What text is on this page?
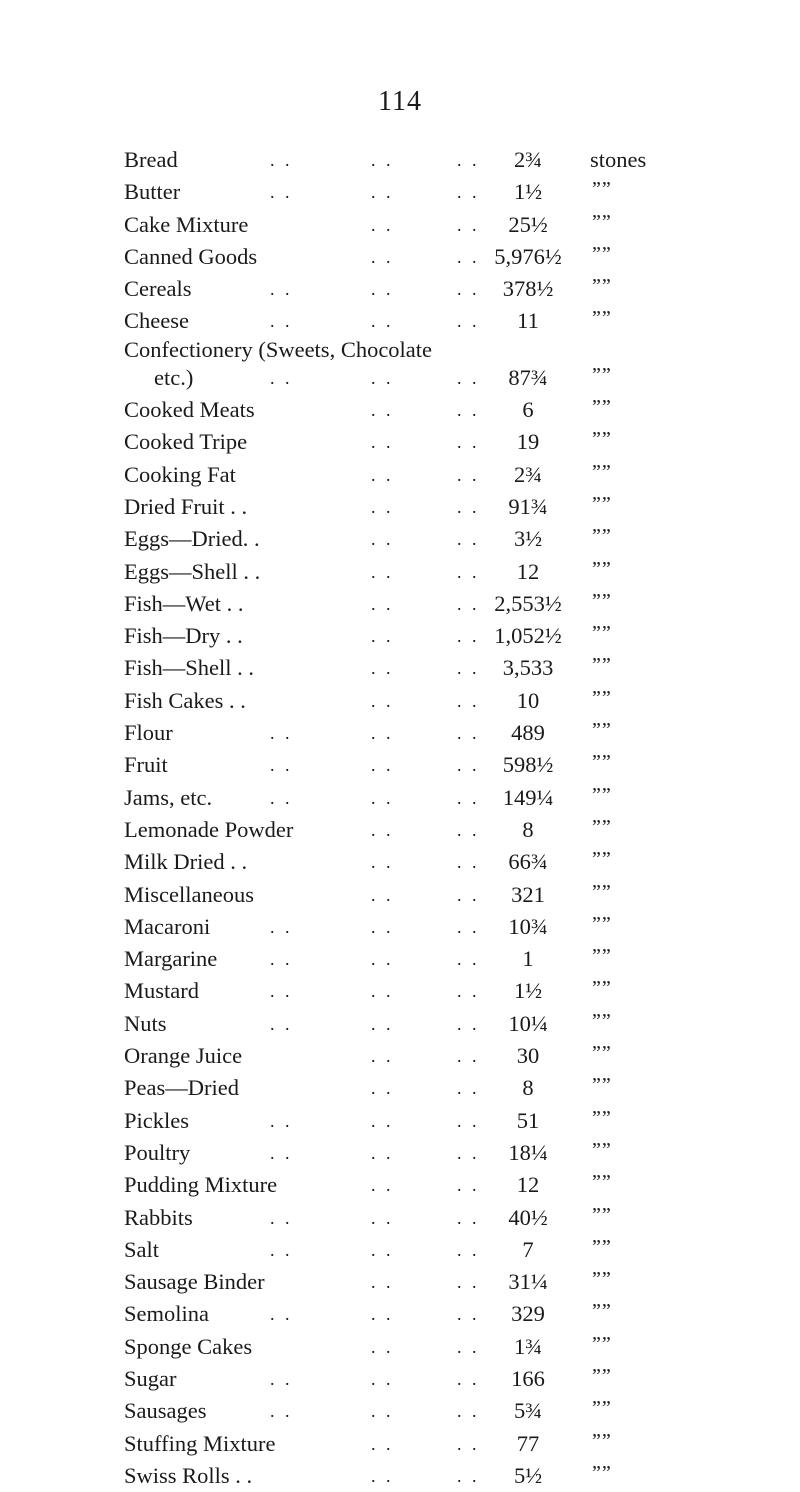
114
Bread	. .	. .	. .	2¾	stones
Butter	. .	. .	. .	1½	””
Cake Mixture	. .	. .	25½	””
Canned Goods	. .	. . 5,976½	””
Cereals	. .	. .	. .	378½	””
Cheese	. .	. .	. .	11	””
Confectionery (Sweets, Chocolate
etc.)	. .	. .	. .	87¾	””
Cooked Meats	. .	. .	6	””
Cooked Tripe	. .	. .	19	””
Cooking Fat	. .	. .	2¾	””
Dried Fruit . .	. .	. .	91¾	””
Eggs—Dried. .	. .	. .	3½	””
Eggs—Shell . .	. .	. .	12	””
Fish—Wet . .	. .	. . 2,553½	””
Fish—Dry . .	. .	. . 1,052½	””
Fish—Shell . .	. .	. .	3,533	””
Fish Cakes . .	. .	. .	10	””
Flour	. .	. .	. .	489	””
Fruit	. .	. .	. .	598½	””
Jams, etc.	. .	. .	. .	149¼	””
Lemonade Powder	. .	. .	8	””
Milk Dried . .	. .	. .	66¾	””
Miscellaneous	. .	. .	321	””
Macaroni	. .	. .	. .	10¾	””
Margarine	. .	. .	. .	1	””
Mustard	. .	. .	. .	1½	””
Nuts	. .	. .	. .	10¼	””
Orange Juice	. .	. .	30	””
Peas—Dried	. .	. .	8	””
Pickles	. .	. .	. .	51	””
Poultry	. .	. .	. .	18¼	””
Pudding Mixture	. .	. .	12	””
Rabbits	. .	. .	. .	40½	””
Salt	. .	. .	. .	7	””
Sausage Binder	. .	. .	31¼	””
Semolina	. .	. .	. .	329	””
Sponge Cakes	. .	. .	1¾	””
Sugar	. .	. .	. .	166	””
Sausages	. .	. .	. .	5¾	””
Stuffing Mixture	. .	. .	77	””
Swiss Rolls . .	. .	. .	5½	””
